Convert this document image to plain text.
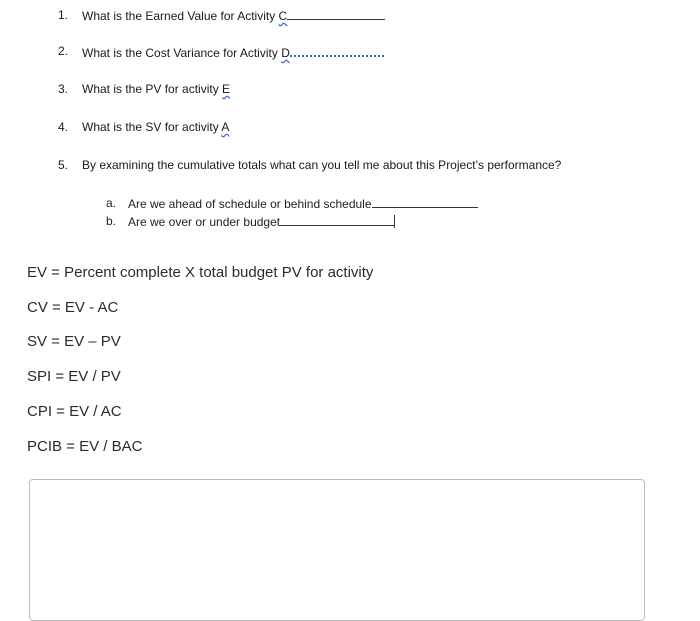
1. What is the Earned Value for Activity C
2. What is the Cost Variance for Activity D
3. What is the PV for activity E
4. What is the SV for activity A
5. By examining the cumulative totals what can you tell me about this Project’s performance?
a. Are we ahead of schedule or behind schedule
b. Are we over or under budget
EV = Percent complete X total budget PV for activity
CV = EV - AC
SV = EV – PV
SPI = EV / PV
CPI = EV / AC
PCIB = EV / BAC
